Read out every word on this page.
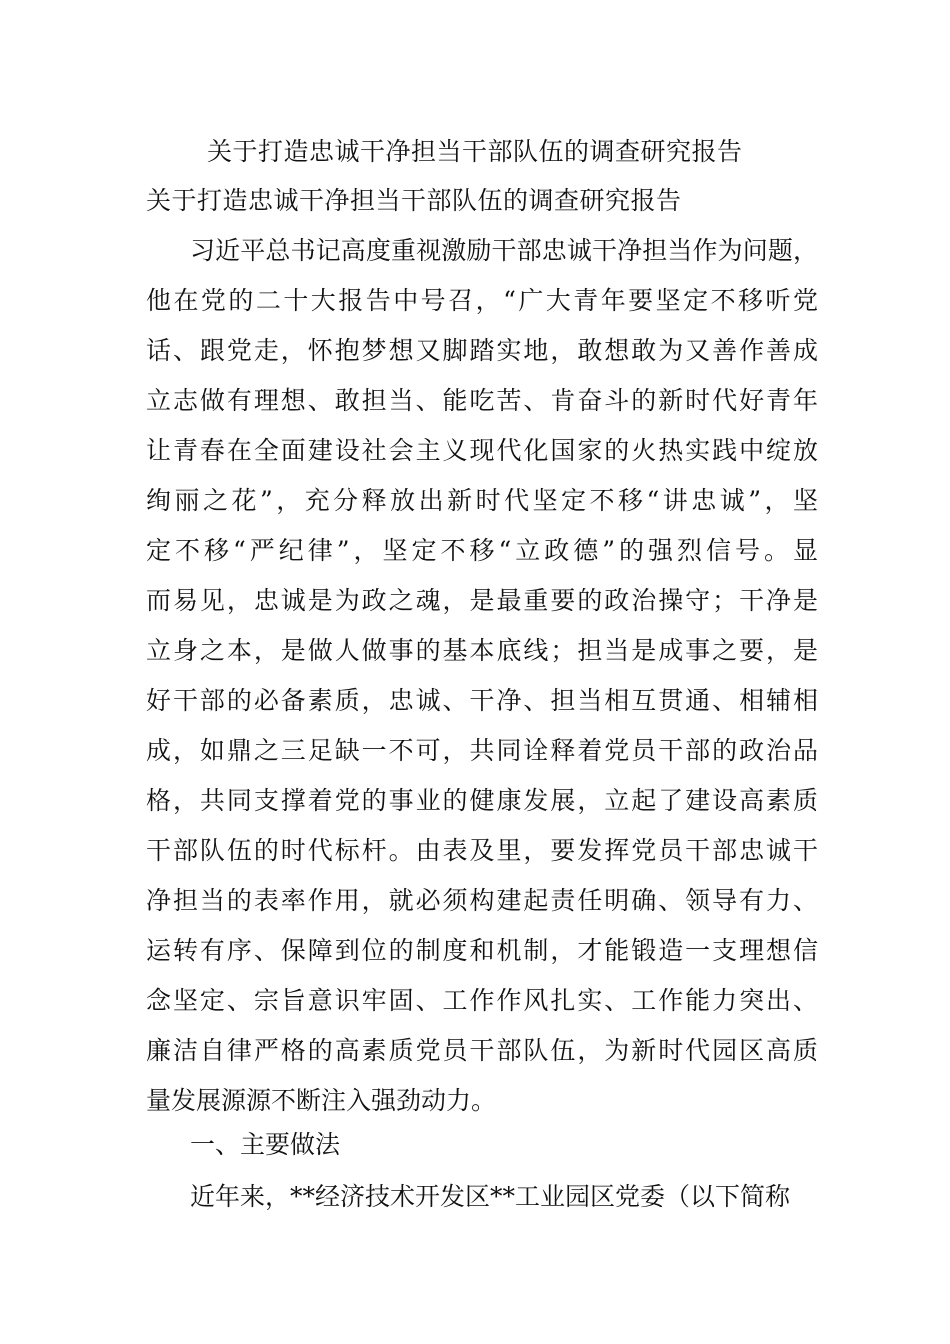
关于打造忠诚干净担当干部队伍的调查研究报告
关于打造忠诚干净担当干部队伍的调查研究报告
习近平总书记高度重视激励干部忠诚干净担当作为问题，
他在党的二十大报告中号召，“广大青年要坚定不移听党
话、跟党走，怀抱梦想又脚踏实地，敢想敢为又善作善成
立志做有理想、敢担当、能吃苦、肯奋斗的新时代好青年
让青春在全面建设社会主义现代化国家的火热实践中绽放
绚丽之花”，充分释放出新时代坚定不移“讲忠诚”，坚
定不移“严纪律”，坚定不移“立政德”的强烈信号。显
而易见，忠诚是为政之魂，是最重要的政治操守；干净是
立身之本，是做人做事的基本底线；担当是成事之要，是
好干部的必备素质，忠诚、干净、担当相互贯通、相辅相
成，如鼎之三足缺一不可，共同诠释着党员干部的政治品
格，共同支撑着党的事业的健康发展，立起了建设高素质
干部队伍的时代标杆。由表及里，要发挥党员干部忠诚干
净担当的表率作用，就必须构建起责任明确、领导有力、
运转有序、保障到位的制度和机制，才能锻造一支理想信
念坚定、宗旨意识牢固、工作作风扎实、工作能力突出、
廉洁自律严格的高素质党员干部队伍，为新时代园区高质
量发展源源不断注入强劲动力。
一、主要做法
近年来，**经济技术开发区**工业园区党委（以下简称
